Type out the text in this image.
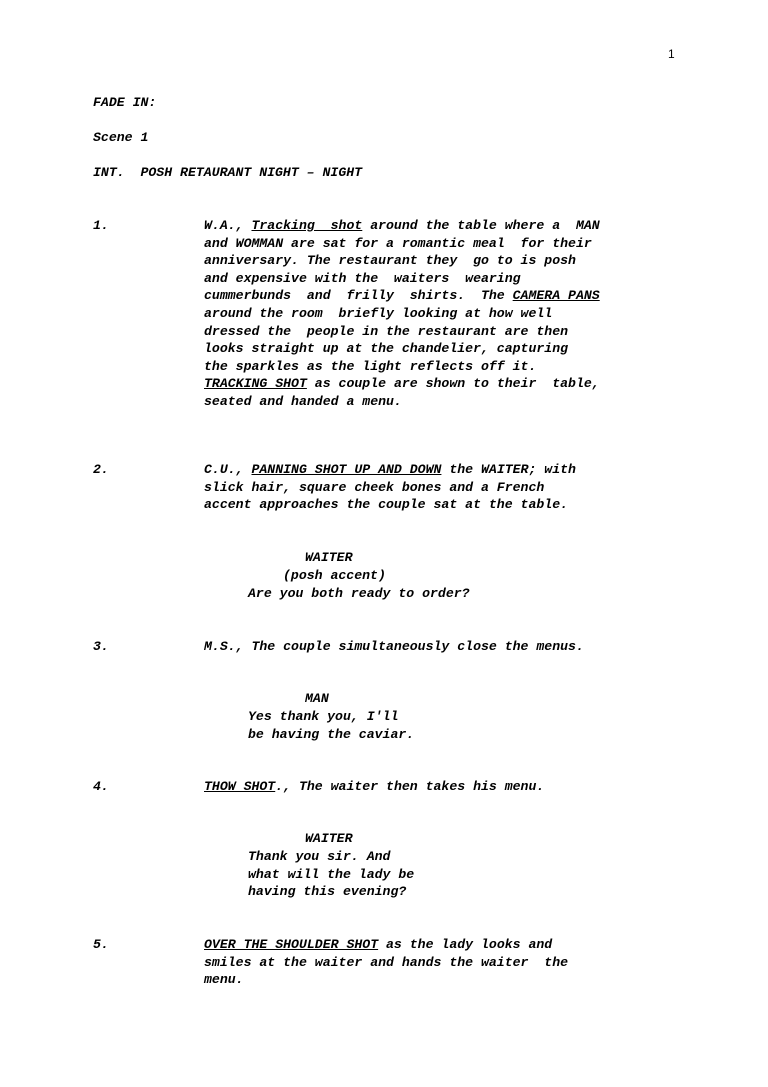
1
FADE IN:
Scene 1
INT.  POSH RETAURANT NIGHT – NIGHT
1.	W.A., Tracking  shot around the table where a  MAN
and WOMMAN are sat for a romantic meal  for their
anniversary. The restaurant they  go to is posh
and expensive with the  waiters  wearing
cummerbunds  and  frilly  shirts.  The CAMERA PANS
around the room  briefly looking at how well
dressed the  people in the restaurant are then
looks straight up at the chandelier, capturing
the sparkles as the light reflects off it.
TRACKING SHOT as couple are shown to their  table,
seated and handed a menu.
2.	C.U., PANNING SHOT UP AND DOWN the WAITER; with
slick hair, square cheek bones and a French
accent approaches the couple sat at the table.
3.	M.S., The couple simultaneously close the menus.
4.	THOW SHOT., The waiter then takes his menu.
5.	OVER THE SHOULDER SHOT as the lady looks and
smiles at the waiter and hands the waiter  the
menu.
WAITER
(posh accent)
Are you both ready to order?
MAN
Yes thank you, I'll
be having the caviar.
WAITER
Thank you sir. And
what will the lady be
having this evening?
